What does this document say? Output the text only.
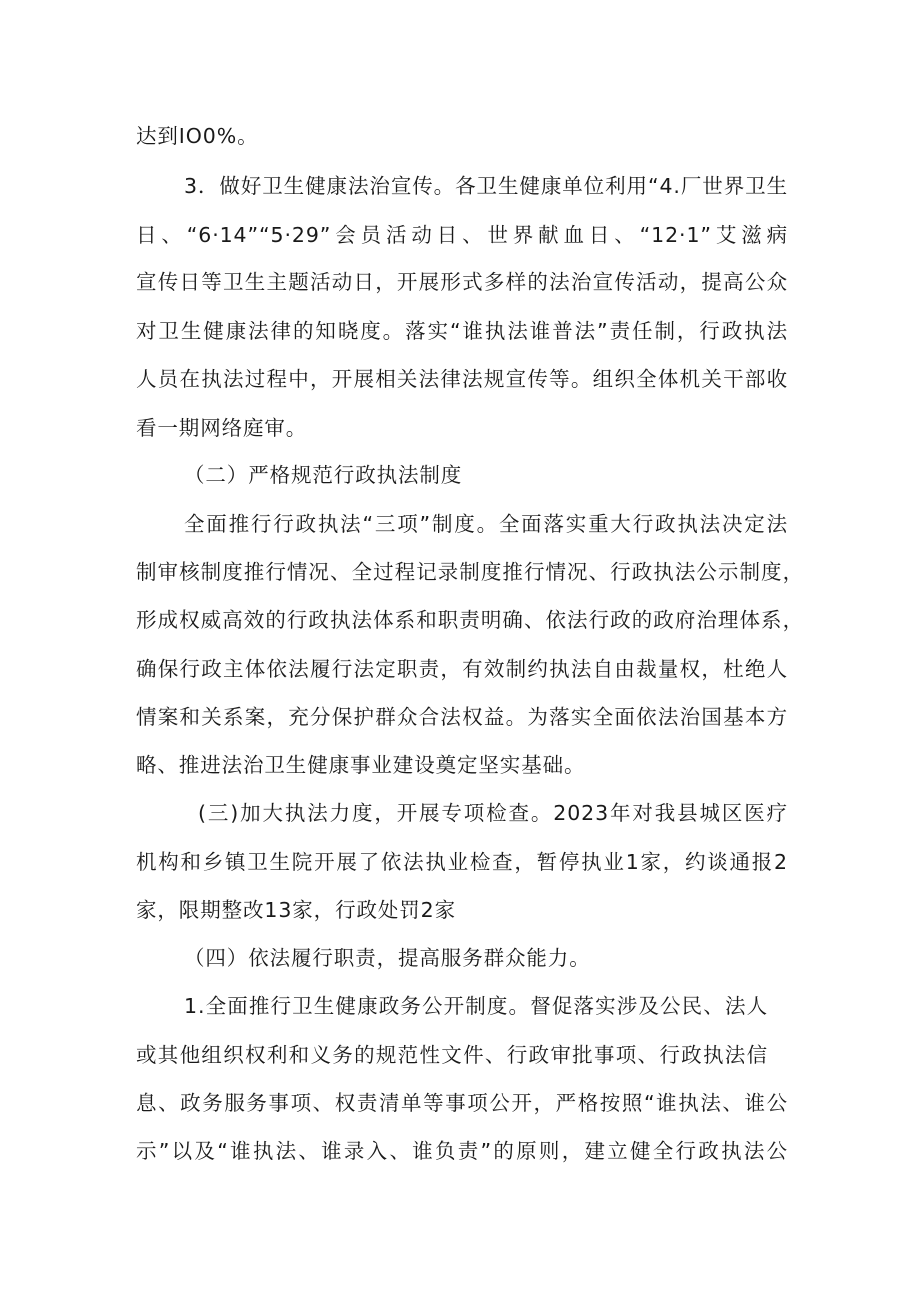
达到IO0%。
3．做好卫生健康法治宣传。各卫生健康单位利用“4.厂世界卫生
日、“6·14”“5·29”会员活动日、世界献血日、“12·1”艾滋病
宣传日等卫生主题活动日，开展形式多样的法治宣传活动，提高公众
对卫生健康法律的知晓度。落实“谁执法谁普法”责任制，行政执法
人员在执法过程中，开展相关法律法规宣传等。组织全体机关干部收
看一期网络庭审。
（二）严格规范行政执法制度
全面推行行政执法“三项”制度。全面落实重大行政执法决定法
制审核制度推行情况、全过程记录制度推行情况、行政执法公示制度，
形成权威高效的行政执法体系和职责明确、依法行政的政府治理体系，
确保行政主体依法履行法定职责，有效制约执法自由裁量权，杜绝人
情案和关系案，充分保护群众合法权益。为落实全面依法治国基本方
略、推进法治卫生健康事业建设奠定坚实基础。
(三)加大执法力度，开展专项检查。2023年对我县城区医疗
机构和乡镇卫生院开展了依法执业检查，暂停执业1家，约谈通报2
家，限期整改13家，行政处罚2家
（四）依法履行职责，提高服务群众能力。
1.全面推行卫生健康政务公开制度。督促落实涉及公民、法人
或其他组织权利和义务的规范性文件、行政审批事项、行政执法信
息、政务服务事项、权责清单等事项公开，严格按照“谁执法、谁公
示”以及“谁执法、谁录入、谁负责”的原则，建立健全行政执法公
